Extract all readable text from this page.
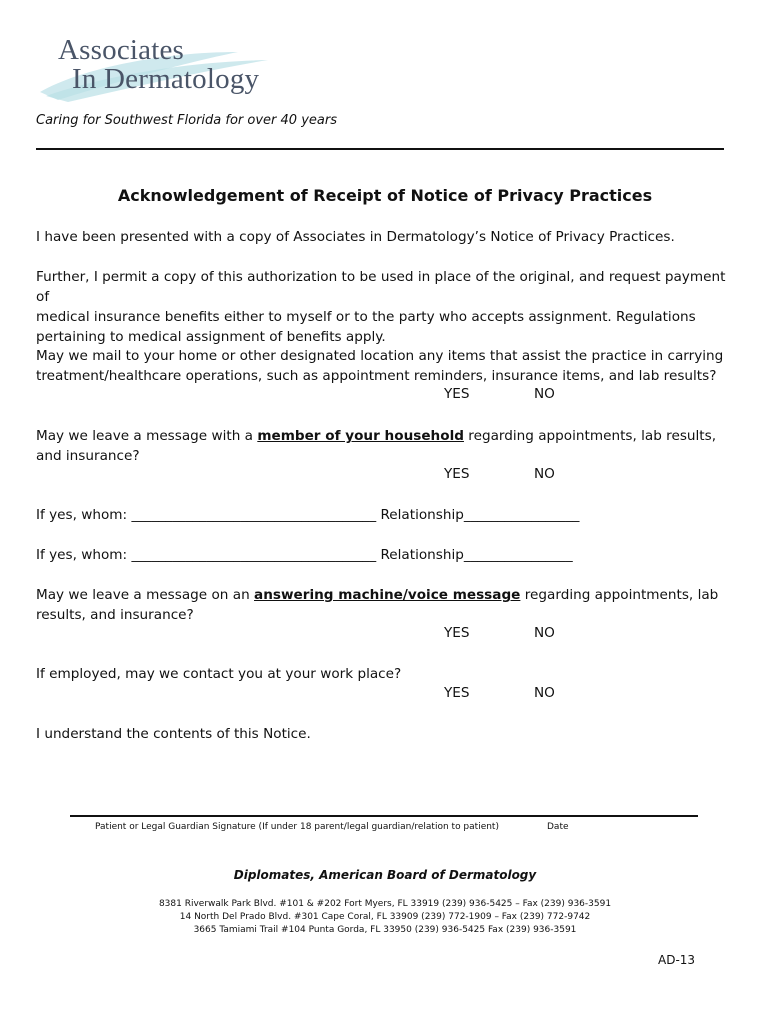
Associates
In Dermatology
Caring for Southwest Florida for over 40 years
Acknowledgement of Receipt of Notice of Privacy Practices
I have been presented with a copy of Associates in Dermatology’s Notice of Privacy Practices.
Further, I permit a copy of this authorization to be used in place of the original, and request payment of
medical insurance benefits either to myself or to the party who accepts assignment. Regulations
pertaining to medical assignment of benefits apply.
May we mail to your home or other designated location any items that assist the practice in carrying
treatment/healthcare operations, such as appointment reminders, insurance items, and lab results?
YES	NO
May we leave a message with a member of your household regarding appointments, lab results,
and insurance?
YES	NO
If yes, whom: ____________________________________ Relationship_________________
If yes, whom: ____________________________________ Relationship________________
May we leave a message on an answering machine/voice message regarding appointments, lab
results, and insurance?
YES	NO
If employed, may we contact you at your work place?
YES	NO
I understand the contents of this Notice.
Patient or Legal Guardian Signature (If under 18 parent/legal guardian/relation to patient)	Date
Diplomates, American Board of Dermatology
8381 Riverwalk Park Blvd. #101 & #202 Fort Myers, FL 33919 (239) 936-5425 – Fax (239) 936-3591
14 North Del Prado Blvd. #301 Cape Coral, FL 33909 (239) 772-1909 – Fax (239) 772-9742
3665 Tamiami Trail #104 Punta Gorda, FL 33950 (239) 936-5425 Fax (239) 936-3591
AD-13
